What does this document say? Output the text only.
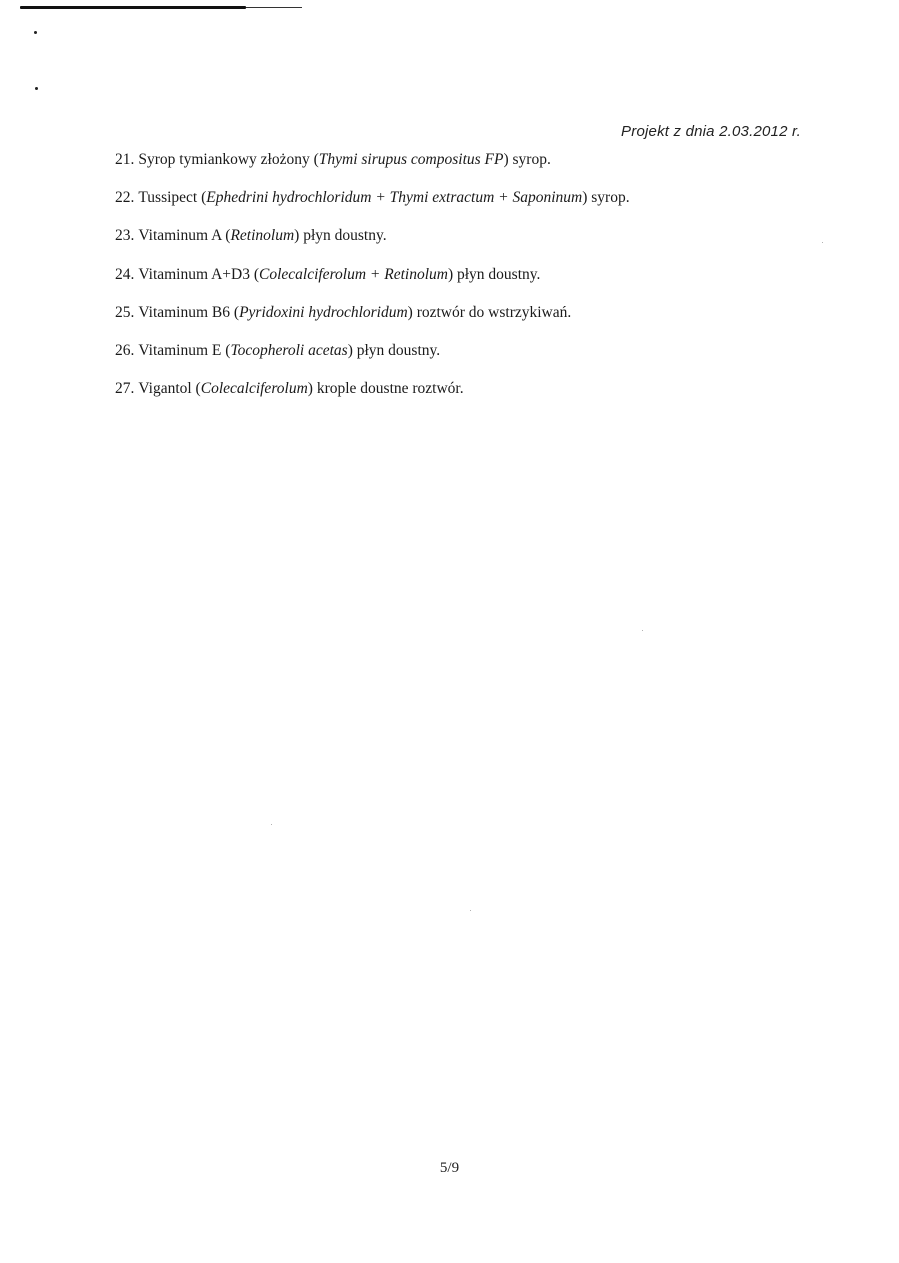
Projekt z dnia 2.03.2012 r.
21. Syrop tymiankowy złożony (Thymi sirupus compositus FP) syrop.
22. Tussipect (Ephedrini hydrochloridum + Thymi extractum + Saponinum) syrop.
23. Vitaminum A (Retinolum) płyn doustny.
24. Vitaminum A+D3 (Colecalciferolum + Retinolum) płyn doustny.
25. Vitaminum B6 (Pyridoxini hydrochloridum) roztwór do wstrzykiwań.
26. Vitaminum E (Tocopheroli acetas) płyn doustny.
27. Vigantol (Colecalciferolum) krople doustne roztwór.
5/9
